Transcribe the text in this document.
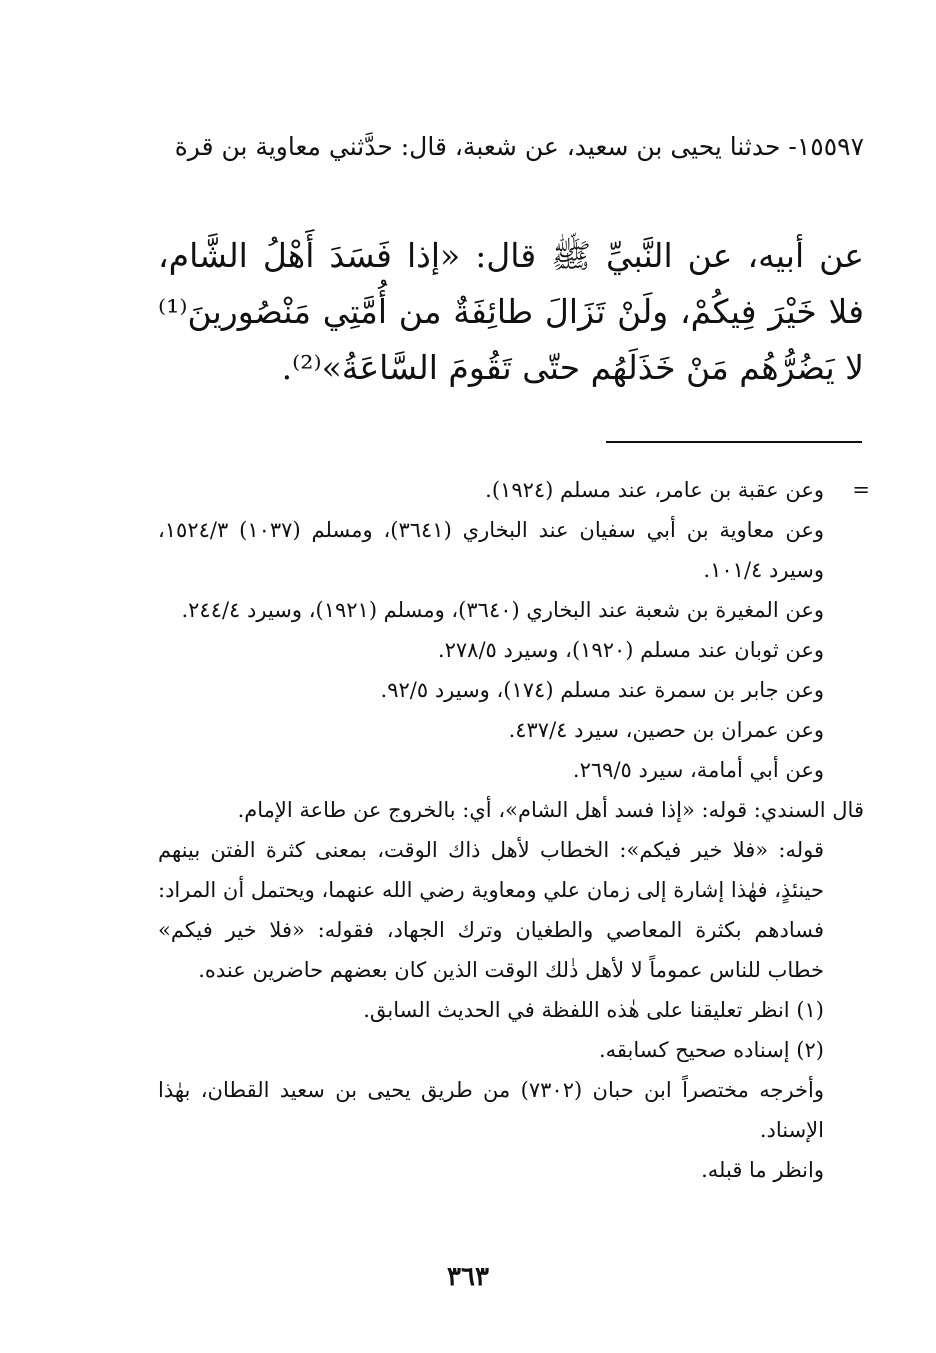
١٥٥٩٧- حدثنا يحيى بن سعيد، عن شعبة، قال: حدَّثني معاوية بن قرة
عن أبيه، عن النَّبيِّ ﷺ قال: «إذا فَسَدَ أَهْلُ الشَّام، فلا خَيْرَ فِيكُمْ، ولَنْ تَزَالَ طائِفَةٌ من أُمَّتِي مَنْصُورينَ⁽¹⁾ لا يَضُرُّهُم مَنْ خَذَلَهُم حتّى تَقُومَ السَّاعَةُ»⁽²⁾.

=
وعن عقبة بن عامر، عند مسلم (١٩٢٤).

وعن معاوية بن أبي سفيان عند البخاري (٣٦٤١)، ومسلم (١٠٣٧) ١٥٢٤/٣، وسيرد ١٠١/٤.

وعن المغيرة بن شعبة عند البخاري (٣٦٤٠)، ومسلم (١٩٢١)، وسيرد ٢٤٤/٤.

وعن ثوبان عند مسلم (١٩٢٠)، وسيرد ٢٧٨/٥.

وعن جابر بن سمرة عند مسلم (١٧٤)، وسيرد ٩٢/٥.

وعن عمران بن حصين، سيرد ٤٣٧/٤.

وعن أبي أمامة، سيرد ٢٦٩/٥.

قال السندي: قوله: «إذا فسد أهل الشام»، أي: بالخروج عن طاعة الإمام.

قوله: «فلا خير فيكم»: الخطاب لأهل ذاك الوقت، بمعنى كثرة الفتن بينهم حينئذٍ، فهٰذا إشارة إلى زمان علي ومعاوية رضي الله عنهما، ويحتمل أن المراد: فسادهم بكثرة المعاصي والطغيان وترك الجهاد، فقوله: «فلا خير فيكم» خطاب للناس عموماً لا لأهل ذٰلك الوقت الذين كان بعضهم حاضرين عنده.

(١) انظر تعليقنا على هٰذه اللفظة في الحديث السابق.

(٢) إسناده صحيح كسابقه.

وأخرجه مختصراً ابن حبان (٧٣٠٢) من طريق يحيى بن سعيد القطان، بهٰذا الإسناد.

وانظر ما قبله.

٣٦٣
